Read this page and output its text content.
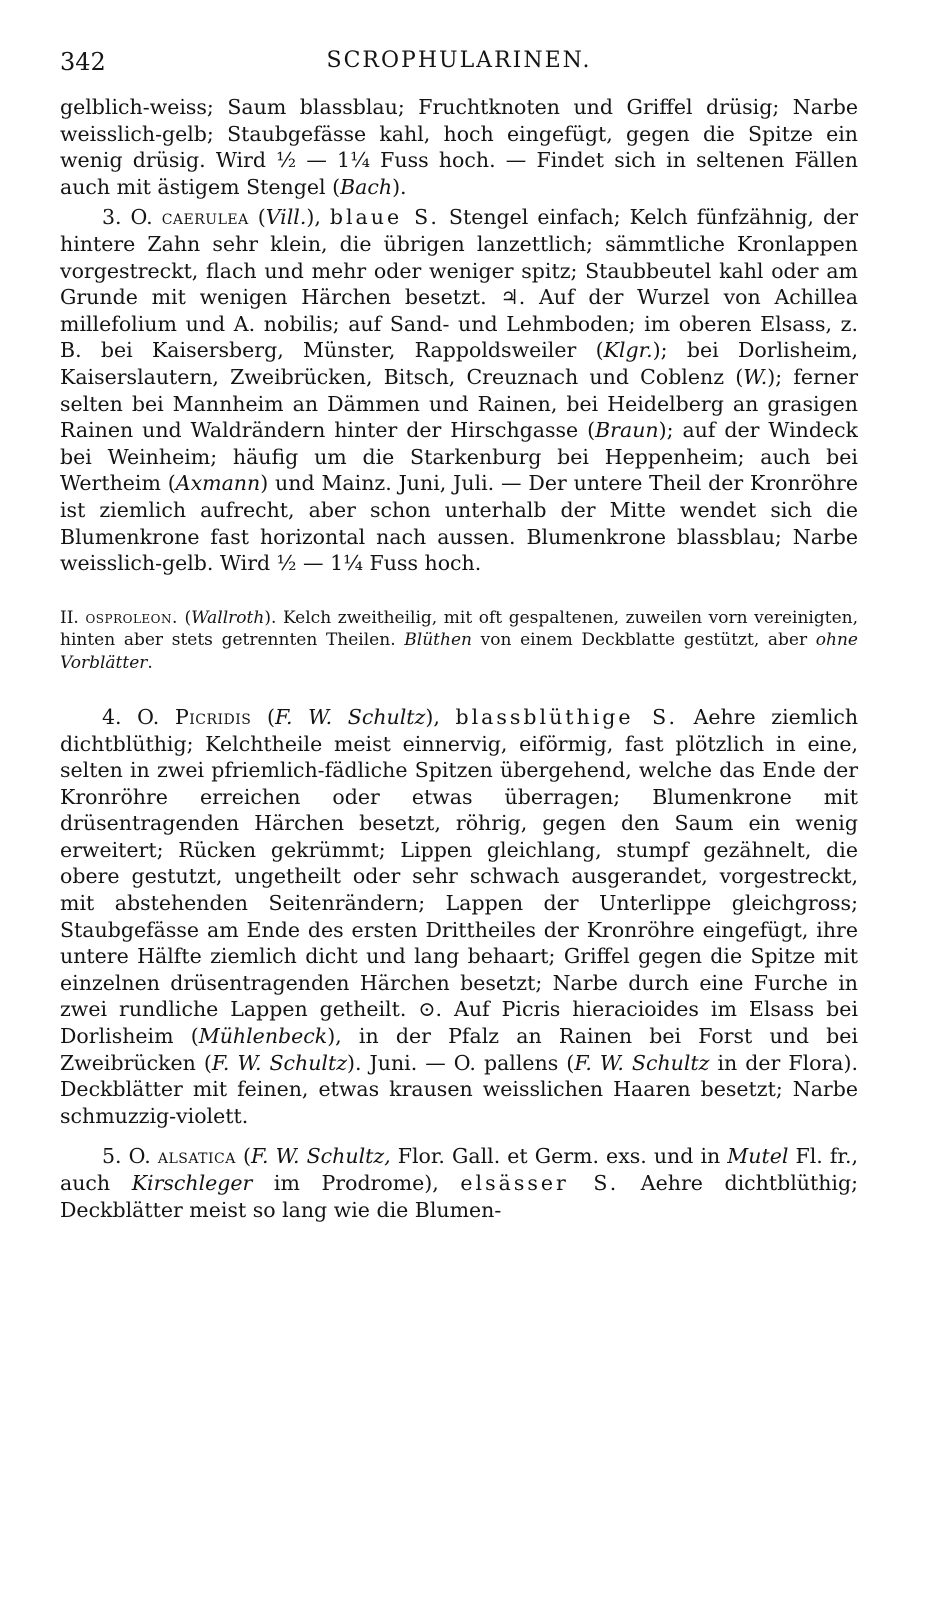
342	SCROPHULARINEN.

gelblich-weiss; Saum blassblau; Fruchtknoten und Griffel drüsig; Narbe weisslich-gelb; Staubgefässe kahl, hoch eingefügt, gegen die Spitze ein wenig drüsig. Wird ½ — 1¼ Fuss hoch. — Findet sich in seltenen Fällen auch mit ästigem Stengel (Bach).

3. O. caerulea (Vill.), blaue S. Stengel einfach; Kelch fünfzähnig, der hintere Zahn sehr klein, die übrigen lanzettlich; sämmtliche Kronlappen vorgestreckt, flach und mehr oder weniger spitz; Staubbeutel kahl oder am Grunde mit wenigen Härchen besetzt. ♃. Auf der Wurzel von Achillea millefolium und A. nobilis; auf Sand- und Lehmboden; im oberen Elsass, z. B. bei Kaisersberg, Münster, Rappoldsweiler (Klgr.); bei Dorlisheim, Kaiserslautern, Zweibrücken, Bitsch, Creuznach und Coblenz (W.); ferner selten bei Mannheim an Dämmen und Rainen, bei Heidelberg an grasigen Rainen und Waldrändern hinter der Hirschgasse (Braun); auf der Windeck bei Weinheim; häufig um die Starkenburg bei Heppenheim; auch bei Wertheim (Axmann) und Mainz. Juni, Juli. — Der untere Theil der Kronröhre ist ziemlich aufrecht, aber schon unterhalb der Mitte wendet sich die Blumenkrone fast horizontal nach aussen. Blumenkrone blassblau; Narbe weisslich-gelb. Wird ½ — 1¼ Fuss hoch.

II. osproleon. (Wallroth). Kelch zweitheilig, mit oft gespaltenen, zuweilen vorn vereinigten, hinten aber stets getrennten Theilen. Blüthen von einem Deckblatte gestützt, aber ohne Vorblätter.

4. O. Picridis (F. W. Schultz), blassblüthige S. Aehre ziemlich dichtblüthig; Kelchtheile meist einnervig, eiförmig, fast plötzlich in eine, selten in zwei pfriemlich-fädliche Spitzen übergehend, welche das Ende der Kronröhre erreichen oder etwas überragen; Blumenkrone mit drüsentragenden Härchen besetzt, röhrig, gegen den Saum ein wenig erweitert; Rücken gekrümmt; Lippen gleichlang, stumpf gezähnelt, die obere gestutzt, ungetheilt oder sehr schwach ausgerandet, vorgestreckt, mit abstehenden Seitenrändern; Lappen der Unterlippe gleichgross; Staubgefässe am Ende des ersten Drittheiles der Kronröhre eingefügt, ihre untere Hälfte ziemlich dicht und lang behaart; Griffel gegen die Spitze mit einzelnen drüsentragenden Härchen besetzt; Narbe durch eine Furche in zwei rundliche Lappen getheilt. ⊙. Auf Picris hieracioides im Elsass bei Dorlisheim (Mühlenbeck), in der Pfalz an Rainen bei Forst und bei Zweibrücken (F. W. Schultz). Juni. — O. pallens (F. W. Schultz in der Flora). Deckblätter mit feinen, etwas krausen weisslichen Haaren besetzt; Narbe schmuzzig-violett.

5. O. alsatica (F. W. Schultz, Flor. Gall. et Germ. exs. und in Mutel Fl. fr., auch Kirschleger im Prodrome), elsässer S. Aehre dichtblüthig; Deckblätter meist so lang wie die Blumen-
